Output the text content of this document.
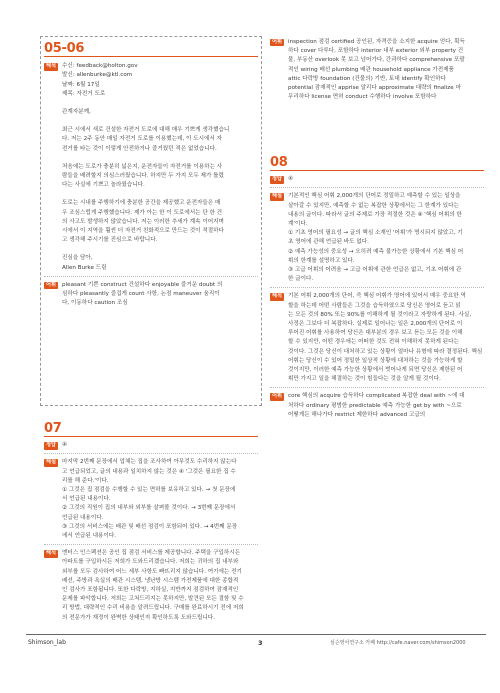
05-06
해석	수신: feedback@holton.gov
발신: allenburke@ktl.com
날짜: 6월 17일
제목: 자전거 도로
관계자분께,
최근 시에서 새로 건설한 자전거 도로에 대해 매우 기쁘게 생각했습니
다. 저는 2주 동안 매일 자전거 도로를 이용했는데, 이 도시에서 자
전거를 타는 것이 이렇게 안전하거나 즐거웠던 적은 없었습니다.
처음에는 도로가 충분히 넓은지, 운전자들이 자전거를 이용하는 사
람들을 배려할지 의심스러웠습니다. 하지만 두 가지 모두 제가 틀렸
다는 사실에 기쁘고 놀라웠습니다.
도로는 시내를 주행하기에 충분한 공간을 제공했고 운전자들은 매
우 조심스럽게 주행했습니다. 제가 아는 한 이 도로에서는 단 한 건
의 사고도 발생하지 않았습니다. 저는 이러한 추세가 계속 이어지며
시에서 이 지역을 훨씬 더 자전거 친화적으로 만드는 것이 적절하다
고 생각해 주시기를 진심으로 바랍니다.
진심을 담아,
Allen Burke 드림
어휘	pleasant 기쁜 construct 건설하다 enjoyable 즐거운 doubt 의
심하다 pleasantly 즐겁게 count 사항, 논점 maneuver 움직이
다, 이동하다 caution 조심
07
정답	④
해설	마지막 2번째 문장에서 업체는 집을 조사하여 아무것도 수리하지 않는다
고 언급되었고, 글의 내용과 일치하지 않는 것은 ④ '그것은 필요한 집 수
리를 해 준다.'이다.
① 그것은 집 점검을 수행할 수 있는 면허를 보유하고 있다. → 첫 문장에
서 언급된 내용이다.
② 그것의 직원이 집의 내부와 외부를 살펴볼 것이다. → 3번째 문장에서
언급된 내용이다.
③ 그것의 서비스에는 배관 및 배선 점검이 포함되어 있다. → 4번째 문장
에서 언급된 내용이다.
해석	엔터스 인스펙션은 공인 집 점검 서비스를 제공합니다. 주택을 구입하시든
아파트를 구입하시든 저희가 도와드리겠습니다. 저희는 귀하의 집 내부와
외부를 모두 검사하여 어느 세부 사항도 빠뜨리지 않습니다. 여기에는 전기
배선, 주방과 욕실의 배관 시스템, 냉난방 시스템 가전제품에 대한 종합적
인 검사가 포함됩니다. 또한 다락방, 지하실, 지반까지 점검하여 잠재적인
문제를 파악합니다. 저희는 고쳐드리지는 못하지만, 발견된 모든 결함 및 수
리 방법, 대략적인 수리 비용을 알려드립니다. 구매를 완료하시기 전에 저희
의 전문가가 재정이 완벽한 상태인지 확인하도록 도와드립니다.
어휘	inspection 점검 certified 공인된, 자격증을 소지한 acquire 얻다, 획득
하다 cover 다루다, 포함하다 interior 내부 exterior 외부 property 건
물, 부동산 overlook 못 보고 넘어가다, 간과하다 comprehensive 포괄
적인 wiring 배선 plumbing 배관 household appliance 가전제품
attic 다락방 foundation (건물의) 기반, 토대 identify 확인하다
potential 잠재적인 apprise 알리다 approximate 대략의 finalize 마
무리하다 license 면허 conduct 수행하다 involve 포함하다
08
정답	④
해설	기본적인 핵심 어휘 2,000개의 단어로 정밀하고 예측할 수 있는 일상을
살아갈 수 있지만, 예측할 수 없는 복잡한 상황에서는 그 한계가 있다는
내용의 글이다. 따라서 글의 주제로 가장 적절한 것은 ④ '핵심 어휘의 한
계'이다.
① 기초 영어의 필요성 → 글의 핵심 소재인 '어휘'가 명시되지 않았고, 기
초 영어에 관해 언급된 바도 없다.
② 예측 가능성의 중요성 → 오히려 예측 불가능한 상황에서 기본 핵심 어
휘의 한계를 설명하고 있다.
③ 고급 어휘의 어려움 → 고급 어휘에 관한 언급은 없고, 기초 어휘에 관
한 글이다.
해석	기본 어휘 2,000개의 단어, 즉 핵심 어휘가 영어에 있어서 매우 중요한 역
할을 하는데 어떤 사람들은 그것을 습득하였으로 당신은 영어로 듣고 읽
는 모든 것의 80% 또는 90%를 이해하게 될 것이라고 자랑하게 된다. 사실,
사정은 그보다 더 복잡하다. 실제로 일어나는 일은 2,000개의 단어로 이
루어진 어휘를 사용하여 당신은 대부분의 경우 보고 듣는 모든 것을 이해
할 수 있지만, 어떤 경우에는 어떠한 것도 전혀 이해하지 못하게 된다는
것이다. 그것은 당신이 대처하고 있는 상황이 얼마나 유형에 따라 결정된다. 핵심
어휘는 당신이 수 있어 정밀한 일상적 상황에 대처하는 것을 가능하게 할
것이지만, 이러한 예측 가능한 상황에서 벗어나게 되면 당신은 제한된 어
휘만 가지고 일을 해결하는 것이 힘들다는 것을 알게 될 것이다.
어휘	core 핵심의 acquire 습득하다 complicated 복잡한 deal with ~에 대
처하다 ordinary 평범한 predictable 예측 가능한 get by with ~으로
어떻게든 해나가다 restrict 제한하다 advanced 고급의
Shimson_lab	3	심슨영어연구소 카페 http://cafe.naver.com/shimson2000
